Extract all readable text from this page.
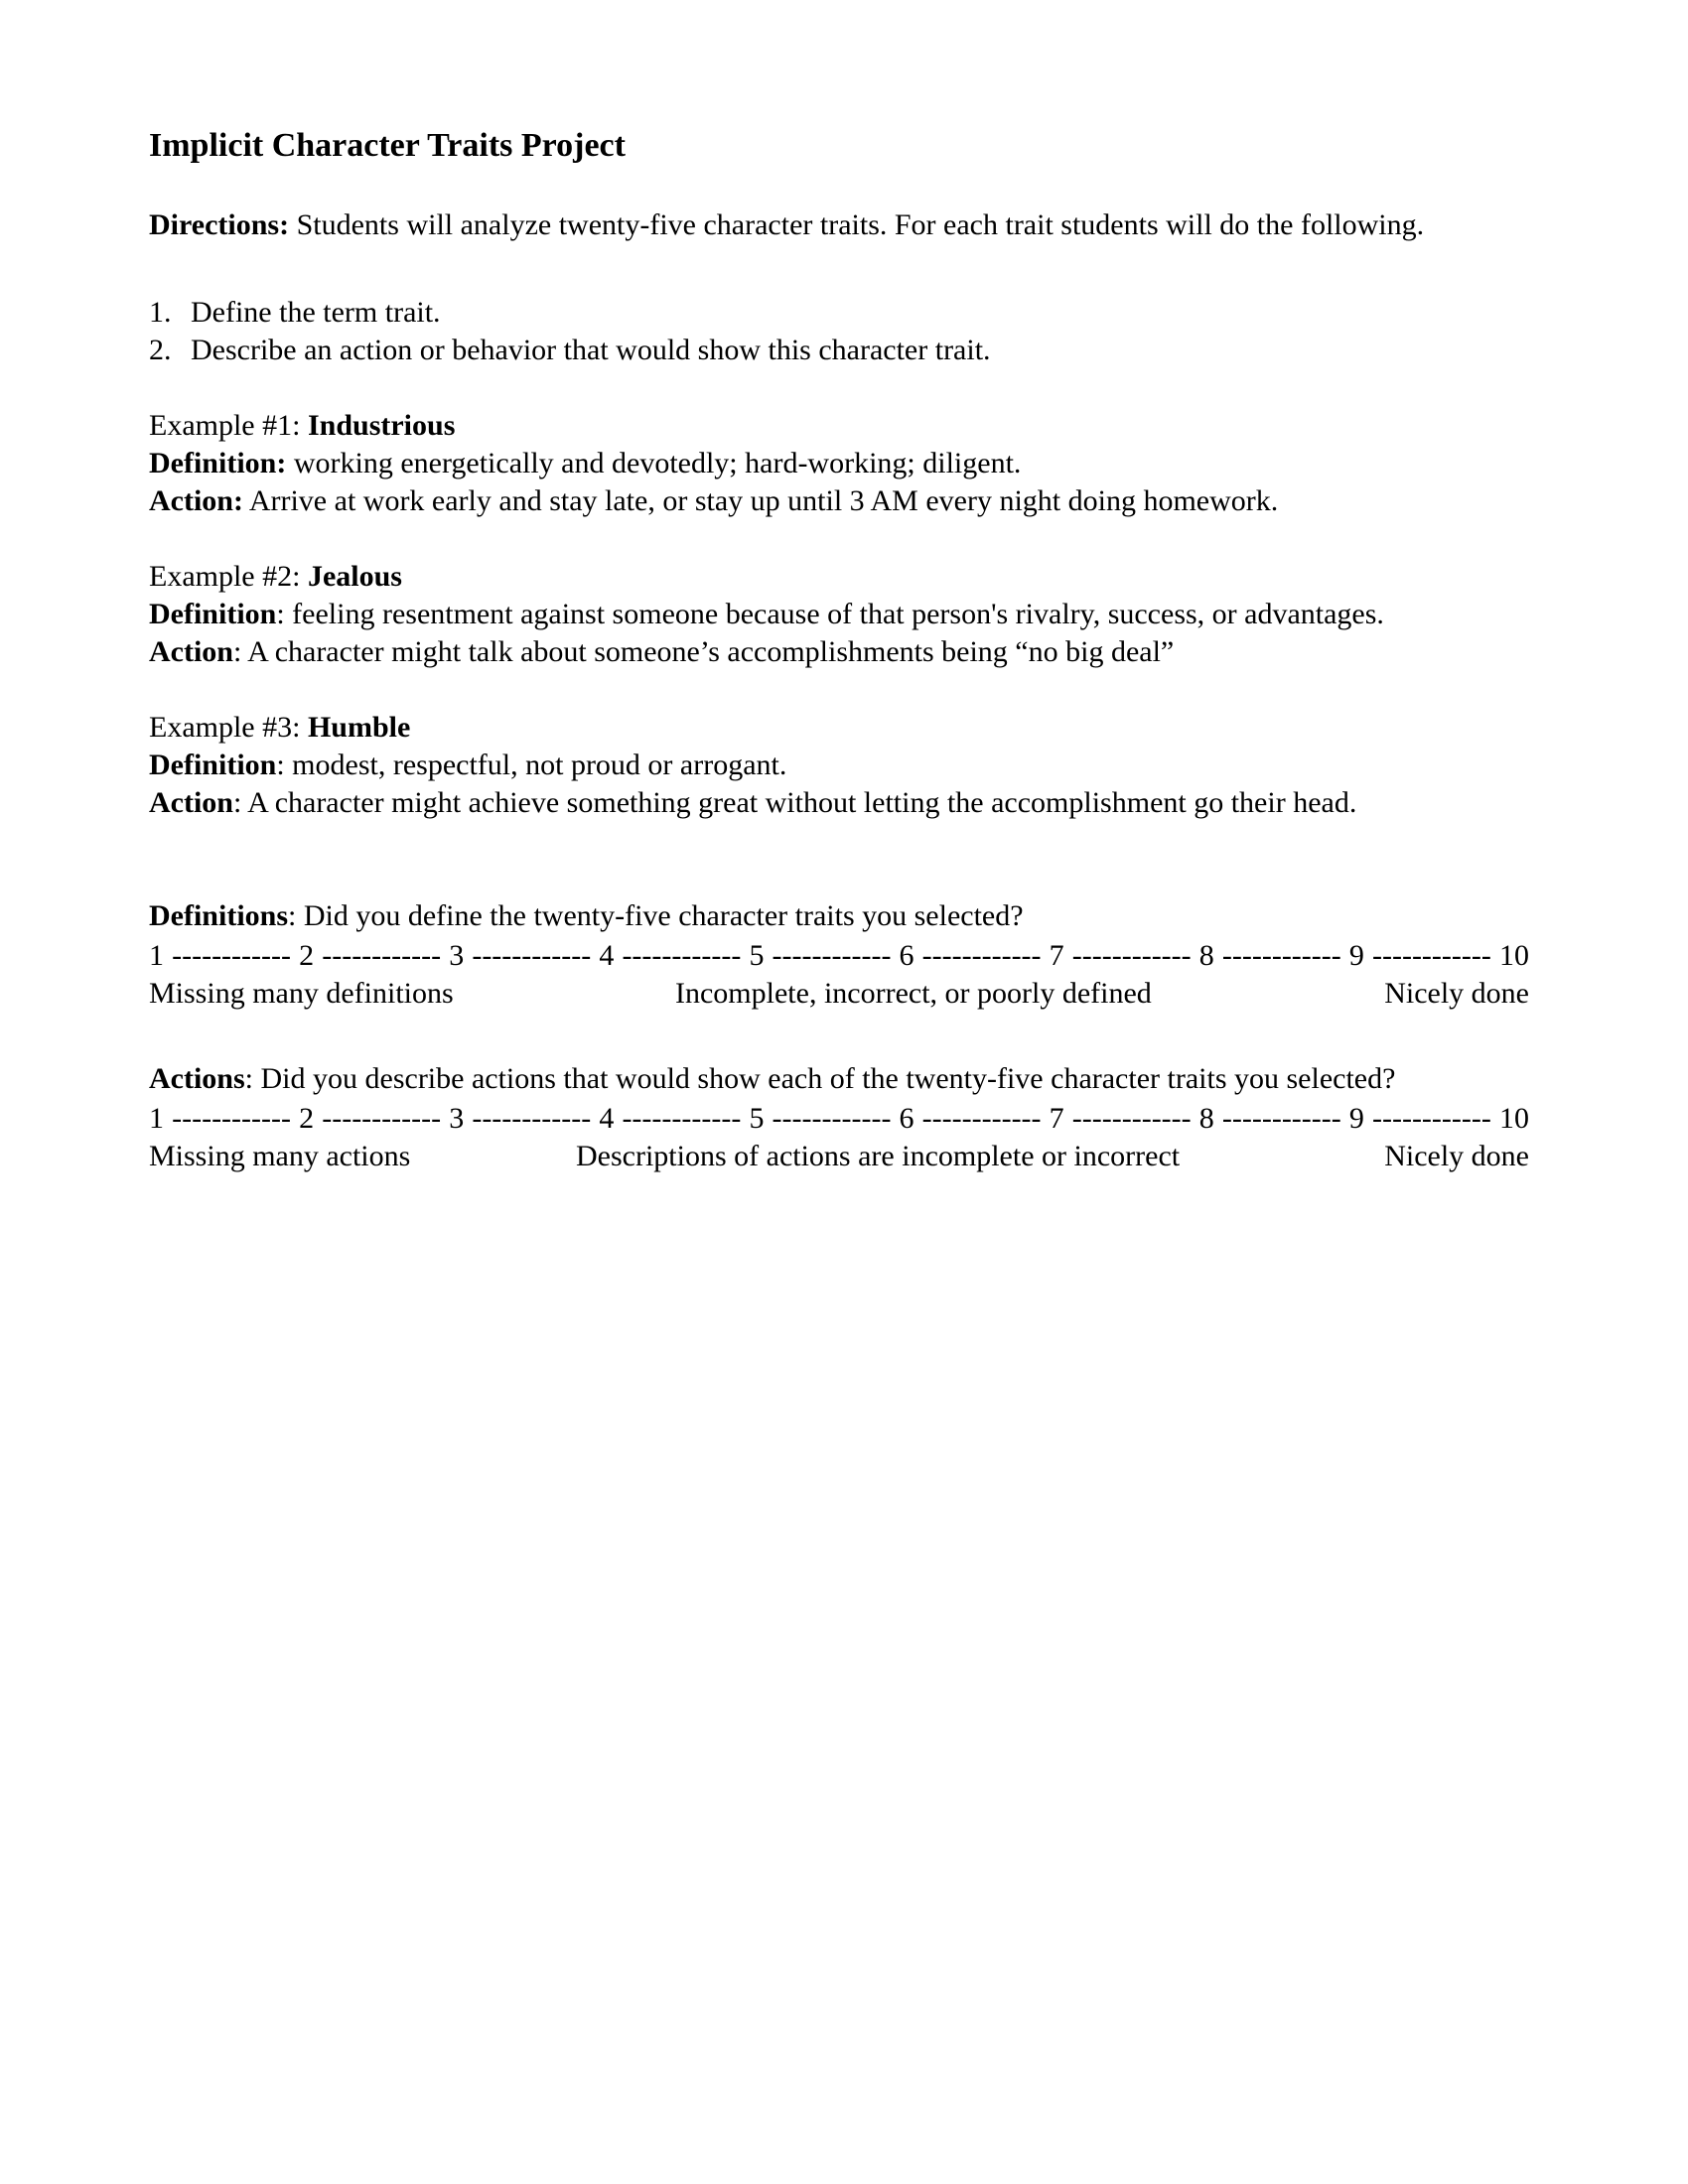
Implicit Character Traits Project
Directions: Students will analyze twenty-five character traits. For each trait students will do the following.
1. Define the term trait.
2. Describe an action or behavior that would show this character trait.
Example #1: Industrious
Definition: working energetically and devotedly; hard-working; diligent.
Action: Arrive at work early and stay late, or stay up until 3 AM every night doing homework.
Example #2: Jealous
Definition: feeling resentment against someone because of that person's rivalry, success, or advantages.
Action: A character might talk about someone’s accomplishments being “no big deal”
Example #3: Humble
Definition: modest, respectful, not proud or arrogant.
Action: A character might achieve something great without letting the accomplishment go their head.
Definitions: Did you define the twenty-five character traits you selected?
1 ------------ 2 ------------ 3 ------------ 4 ------------ 5 ------------ 6 ------------ 7 ------------ 8 ------------ 9 ------------ 10
Missing many definitions	Incomplete, incorrect, or poorly defined	Nicely done
Actions: Did you describe actions that would show each of the twenty-five character traits you selected?
1 ------------ 2 ------------ 3 ------------ 4 ------------ 5 ------------ 6 ------------ 7 ------------ 8 ------------ 9 ------------ 10
Missing many actions	Descriptions of actions are incomplete or incorrect	Nicely done
